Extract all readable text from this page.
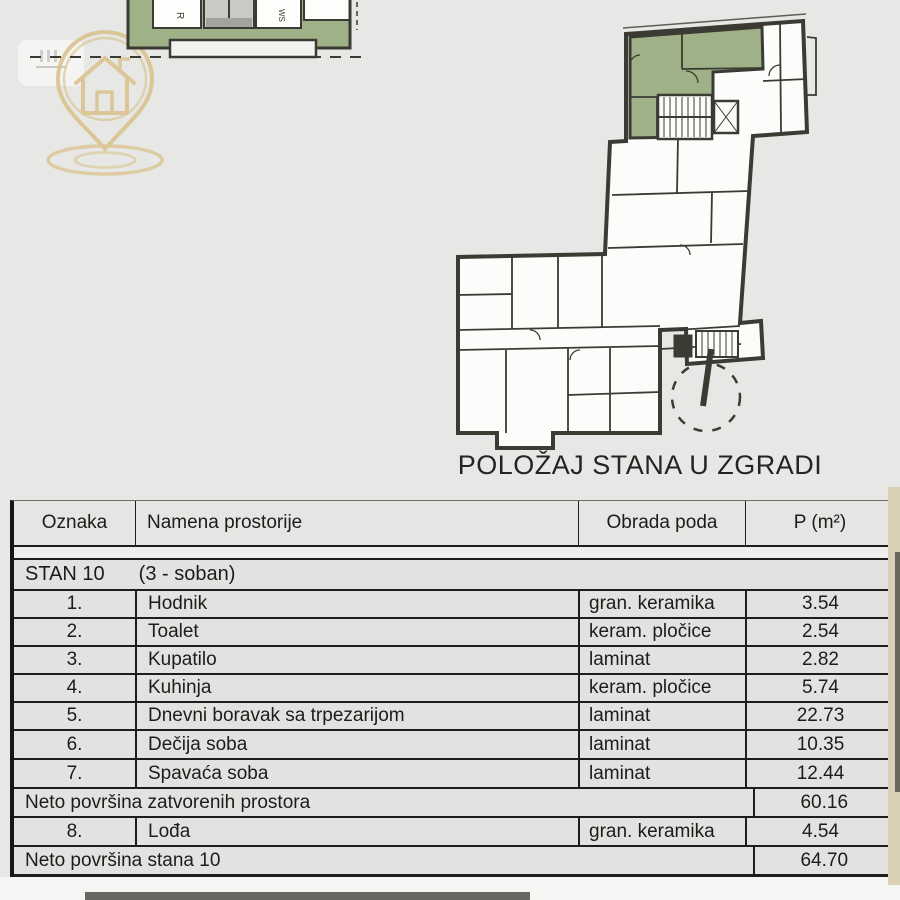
R	WS
POLOŽAJ STANA U ZGRADI
Oznaka	Namena prostorije	Obrada poda	P (m²)
STAN 10 (3 - soban)
1.	Hodnik	gran. keramika	3.54
2.	Toalet	keram. pločice	2.54
3.	Kupatilo	laminat	2.82
4.	Kuhinja	keram. pločice	5.74
5.	Dnevni boravak sa trpezarijom	laminat	22.73
6.	Dečija soba	laminat	10.35
7.	Spavaća soba	laminat	12.44
Neto površina zatvorenih prostora	60.16
8.	Lođa	gran. keramika	4.54
Neto površina stana 10	64.70
